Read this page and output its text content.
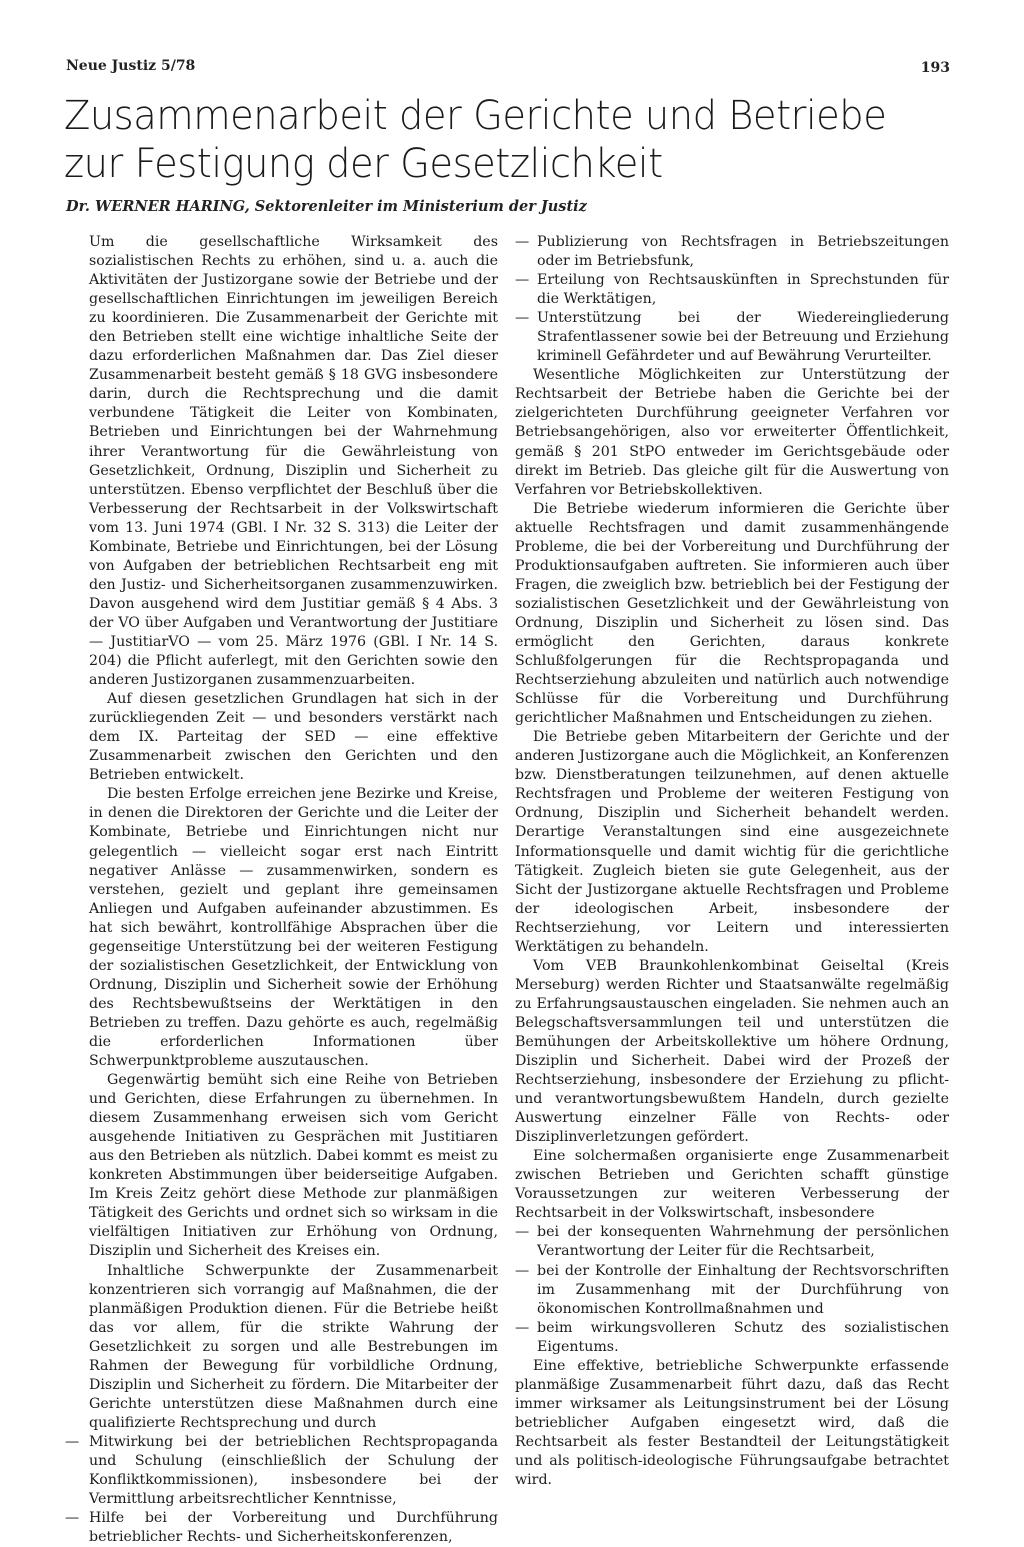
Neue Justiz 5/78	193
Zusammenarbeit der Gerichte und Betriebe
zur Festigung der Gesetzlichkeit
Dr. WERNER HARING, Sektorenleiter im Ministerium der Justiz

Um die gesellschaftliche Wirksamkeit des sozialistischen Rechts zu erhöhen, sind u. a. auch die Aktivitäten der Justizorgane sowie der Betriebe und der gesellschaftlichen Einrichtungen im jeweiligen Bereich zu koordinieren. Die Zusammenarbeit der Gerichte mit den Betrieben stellt eine wichtige inhaltliche Seite der dazu erforderlichen Maßnahmen dar. Das Ziel dieser Zusammenarbeit besteht gemäß § 18 GVG insbesondere darin, durch die Rechtsprechung und die damit verbundene Tätigkeit die Leiter von Kombinaten, Betrieben und Einrichtungen bei der Wahrnehmung ihrer Verantwortung für die Gewährleistung von Gesetzlichkeit, Ordnung, Disziplin und Sicherheit zu unterstützen. Ebenso verpflichtet der Beschluß über die Verbesserung der Rechtsarbeit in der Volkswirtschaft vom 13. Juni 1974 (GBl. I Nr. 32 S. 313) die Leiter der Kombinate, Betriebe und Einrichtungen, bei der Lösung von Aufgaben der betrieblichen Rechtsarbeit eng mit den Justiz- und Sicherheitsorganen zusammenzuwirken. Davon ausgehend wird dem Justitiar gemäß § 4 Abs. 3 der VO über Aufgaben und Verantwortung der Justitiare — JustitiarVO — vom 25. März 1976 (GBl. I Nr. 14 S. 204) die Pflicht auferlegt, mit den Gerichten sowie den anderen Justizorganen zusammenzuarbeiten.

Auf diesen gesetzlichen Grundlagen hat sich in der zurückliegenden Zeit — und besonders verstärkt nach dem IX. Parteitag der SED — eine effektive Zusammenarbeit zwischen den Gerichten und den Betrieben entwickelt.

Die besten Erfolge erreichen jene Bezirke und Kreise, in denen die Direktoren der Gerichte und die Leiter der Kombinate, Betriebe und Einrichtungen nicht nur gelegentlich — vielleicht sogar erst nach Eintritt negativer Anlässe — zusammenwirken, sondern es verstehen, gezielt und geplant ihre gemeinsamen Anliegen und Aufgaben aufeinander abzustimmen. Es hat sich bewährt, kontrollfähige Absprachen über die gegenseitige Unterstützung bei der weiteren Festigung der sozialistischen Gesetzlichkeit, der Entwicklung von Ordnung, Disziplin und Sicherheit sowie der Erhöhung des Rechtsbewußtseins der Werktätigen in den Betrieben zu treffen. Dazu gehörte es auch, regelmäßig die erforderlichen Informationen über Schwerpunktprobleme auszutauschen.

Gegenwärtig bemüht sich eine Reihe von Betrieben und Gerichten, diese Erfahrungen zu übernehmen. In diesem Zusammenhang erweisen sich vom Gericht ausgehende Initiativen zu Gesprächen mit Justitiaren aus den Betrieben als nützlich. Dabei kommt es meist zu konkreten Abstimmungen über beiderseitige Aufgaben. Im Kreis Zeitz gehört diese Methode zur planmäßigen Tätigkeit des Gerichts und ordnet sich so wirksam in die vielfältigen Initiativen zur Erhöhung von Ordnung, Disziplin und Sicherheit des Kreises ein.

Inhaltliche Schwerpunkte der Zusammenarbeit konzentrieren sich vorrangig auf Maßnahmen, die der planmäßigen Produktion dienen. Für die Betriebe heißt das vor allem, für die strikte Wahrung der Gesetzlichkeit zu sorgen und alle Bestrebungen im Rahmen der Bewegung für vorbildliche Ordnung, Disziplin und Sicherheit zu fördern. Die Mitarbeiter der Gerichte unterstützen diese Maßnahmen durch eine qualifizierte Rechtsprechung und durch

— Mitwirkung bei der betrieblichen Rechtspropaganda und Schulung (einschließlich der Schulung der Konfliktkommissionen), insbesondere bei der Vermittlung arbeitsrechtlicher Kenntnisse,

— Hilfe bei der Vorbereitung und Durchführung betrieblicher Rechts- und Sicherheitskonferenzen,

— Publizierung von Rechtsfragen in Betriebszeitungen oder im Betriebsfunk,

— Erteilung von Rechtsauskünften in Sprechstunden für die Werktätigen,

— Unterstützung bei der Wiedereingliederung Strafentlassener sowie bei der Betreuung und Erziehung kriminell Gefährdeter und auf Bewährung Verurteilter.

Wesentliche Möglichkeiten zur Unterstützung der Rechtsarbeit der Betriebe haben die Gerichte bei der zielgerichteten Durchführung geeigneter Verfahren vor Betriebsangehörigen, also vor erweiterter Öffentlichkeit, gemäß § 201 StPO entweder im Gerichtsgebäude oder direkt im Betrieb. Das gleiche gilt für die Auswertung von Verfahren vor Betriebskollektiven.

Die Betriebe wiederum informieren die Gerichte über aktuelle Rechtsfragen und damit zusammenhängende Probleme, die bei der Vorbereitung und Durchführung der Produktionsaufgaben auftreten. Sie informieren auch über Fragen, die zweiglich bzw. betrieblich bei der Festigung der sozialistischen Gesetzlichkeit und der Gewährleistung von Ordnung, Disziplin und Sicherheit zu lösen sind. Das ermöglicht den Gerichten, daraus konkrete Schlußfolgerungen für die Rechtspropaganda und Rechtserziehung abzuleiten und natürlich auch notwendige Schlüsse für die Vorbereitung und Durchführung gerichtlicher Maßnahmen und Entscheidungen zu ziehen.

Die Betriebe geben Mitarbeitern der Gerichte und der anderen Justizorgane auch die Möglichkeit, an Konferenzen bzw. Dienstberatungen teilzunehmen, auf denen aktuelle Rechtsfragen und Probleme der weiteren Festigung von Ordnung, Disziplin und Sicherheit behandelt werden. Derartige Veranstaltungen sind eine ausgezeichnete Informationsquelle und damit wichtig für die gerichtliche Tätigkeit. Zugleich bieten sie gute Gelegenheit, aus der Sicht der Justizorgane aktuelle Rechtsfragen und Probleme der ideologischen Arbeit, insbesondere der Rechtserziehung, vor Leitern und interessierten Werktätigen zu behandeln.

Vom VEB Braunkohlenkombinat Geiseltal (Kreis Merseburg) werden Richter und Staatsanwälte regelmäßig zu Erfahrungsaustauschen eingeladen. Sie nehmen auch an Belegschaftsversammlungen teil und unterstützen die Bemühungen der Arbeitskollektive um höhere Ordnung, Disziplin und Sicherheit. Dabei wird der Prozeß der Rechtserziehung, insbesondere der Erziehung zu pflicht- und verantwortungsbewußtem Handeln, durch gezielte Auswertung einzelner Fälle von Rechts- oder Disziplinverletzungen gefördert.

Eine solchermaßen organisierte enge Zusammenarbeit zwischen Betrieben und Gerichten schafft günstige Voraussetzungen zur weiteren Verbesserung der Rechtsarbeit in der Volkswirtschaft, insbesondere

— bei der konsequenten Wahrnehmung der persönlichen Verantwortung der Leiter für die Rechtsarbeit,

— bei der Kontrolle der Einhaltung der Rechtsvorschriften im Zusammenhang mit der Durchführung von ökonomischen Kontrollmaßnahmen und

— beim wirkungsvolleren Schutz des sozialistischen Eigentums.

Eine effektive, betriebliche Schwerpunkte erfassende planmäßige Zusammenarbeit führt dazu, daß das Recht immer wirksamer als Leitungsinstrument bei der Lösung betrieblicher Aufgaben eingesetzt wird, daß die Rechtsarbeit als fester Bestandteil der Leitungstätigkeit und als politisch-ideologische Führungsaufgabe betrachtet wird.
